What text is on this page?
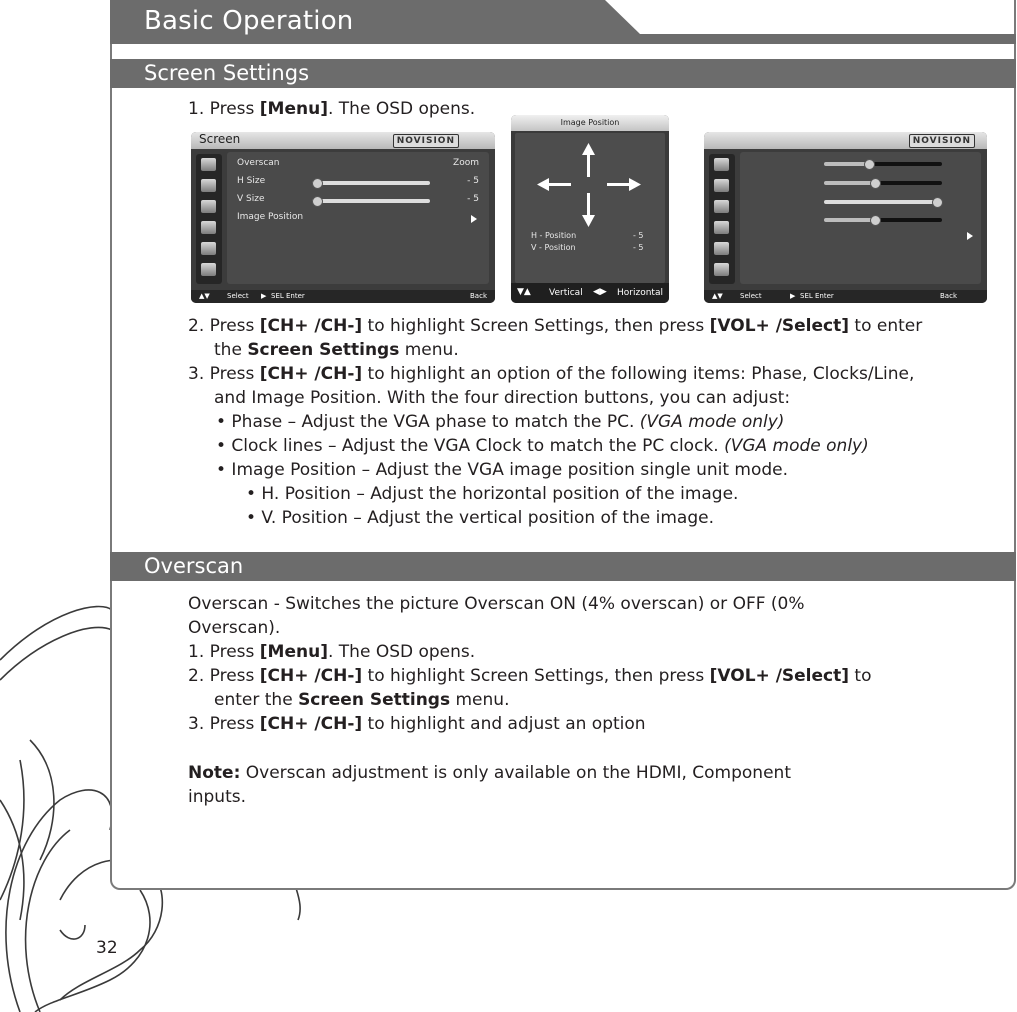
Basic Operation
Screen Settings
1. Press [Menu]. The OSD opens.
Screen	NOVISION
Overscan	Zoom
H Size	- 5
V Size	- 5
Image Position
▲▼ Select ▶ SEL Enter	Back
Image Position
H - Position	- 5
V - Position	- 5
▼▲ Vertical ◀▶ Horizontal
NOVISION
▲▼ Select	▶ SEL Enter	Back
2. Press [CH+ /CH-] to highlight Screen Settings, then press [VOL+ /Select] to enter
the Screen Settings menu.
3. Press [CH+ /CH-] to highlight an option of the following items: Phase, Clocks/Line,
and Image Position. With the four direction buttons, you can adjust:
• Phase – Adjust the VGA phase to match the PC. (VGA mode only)
• Clock lines – Adjust the VGA Clock to match the PC clock. (VGA mode only)
• Image Position – Adjust the VGA image position single unit mode.
• H. Position – Adjust the horizontal position of the image.
• V. Position – Adjust the vertical position of the image.
Overscan
Overscan - Switches the picture Overscan ON (4% overscan) or OFF (0%
Overscan).
1. Press [Menu]. The OSD opens.
2. Press [CH+ /CH-] to highlight Screen Settings, then press [VOL+ /Select] to
enter the Screen Settings menu.
3. Press [CH+ /CH-] to highlight and adjust an option
Note: Overscan adjustment is only available on the HDMI, Component
inputs.
32
